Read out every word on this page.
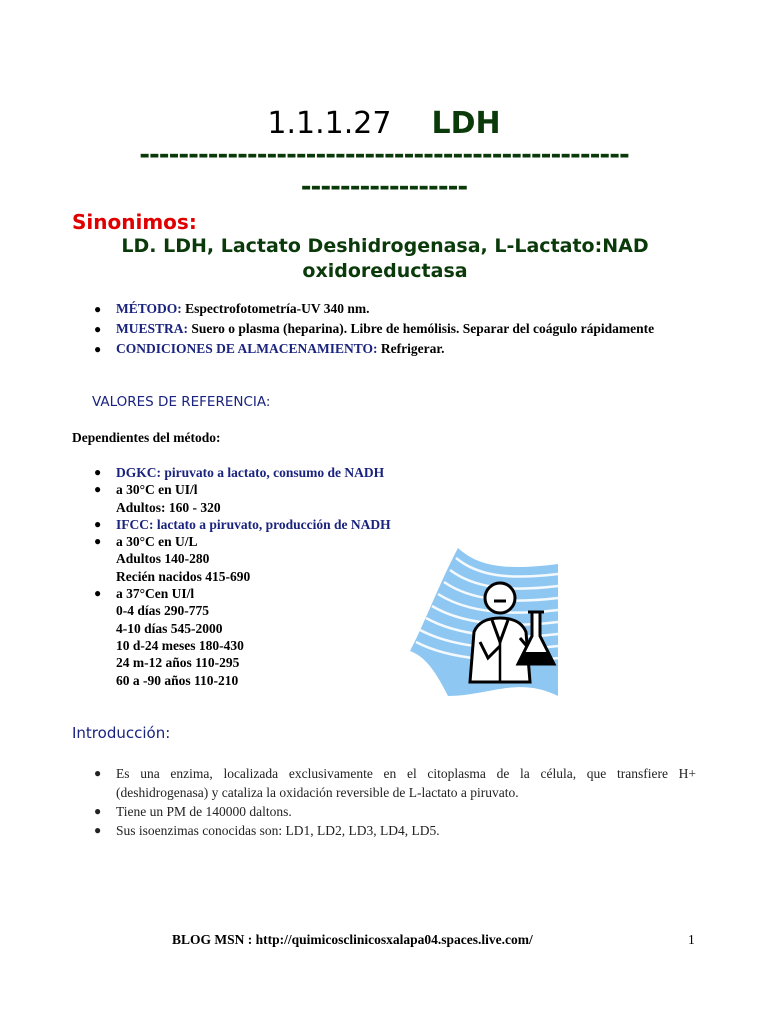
1.1.1.27 LDH
--------------------------------------------------
-----------------
Sinonimos:
LD. LDH, Lactato Deshidrogenasa, L-Lactato:NAD oxidoreductasa
● MÉTODO: Espectrofotometría-UV 340 nm.
● MUESTRA: Suero o plasma (heparina). Libre de hemólisis. Separar del coágulo rápidamente
● CONDICIONES DE ALMACENAMIENTO: Refrigerar.
VALORES DE REFERENCIA:
Dependientes del método:
● DGKC: piruvato a lactato, consumo de NADH
● a 30°C en UI/l
Adultos: 160 - 320
● IFCC: lactato a piruvato, producción de NADH
● a 30°C en U/L
Adultos 140-280
Recién nacidos 415-690
● a 37°Cen UI/l
0-4 días 290-775
4-10 días 545-2000
10 d-24 meses 180-430
24 m-12 años 110-295
60 a -90 años 110-210
Introducción:
● Es una enzima, localizada exclusivamente en el citoplasma de la célula, que transfiere H+ (deshidrogenasa) y cataliza la oxidación reversible de L-lactato a piruvato.
● Tiene un PM de 140000 daltons.
● Sus isoenzimas conocidas son: LD1, LD2, LD3, LD4, LD5.
BLOG MSN : http://quimicosclinicosxalapa04.spaces.live.com/	1
